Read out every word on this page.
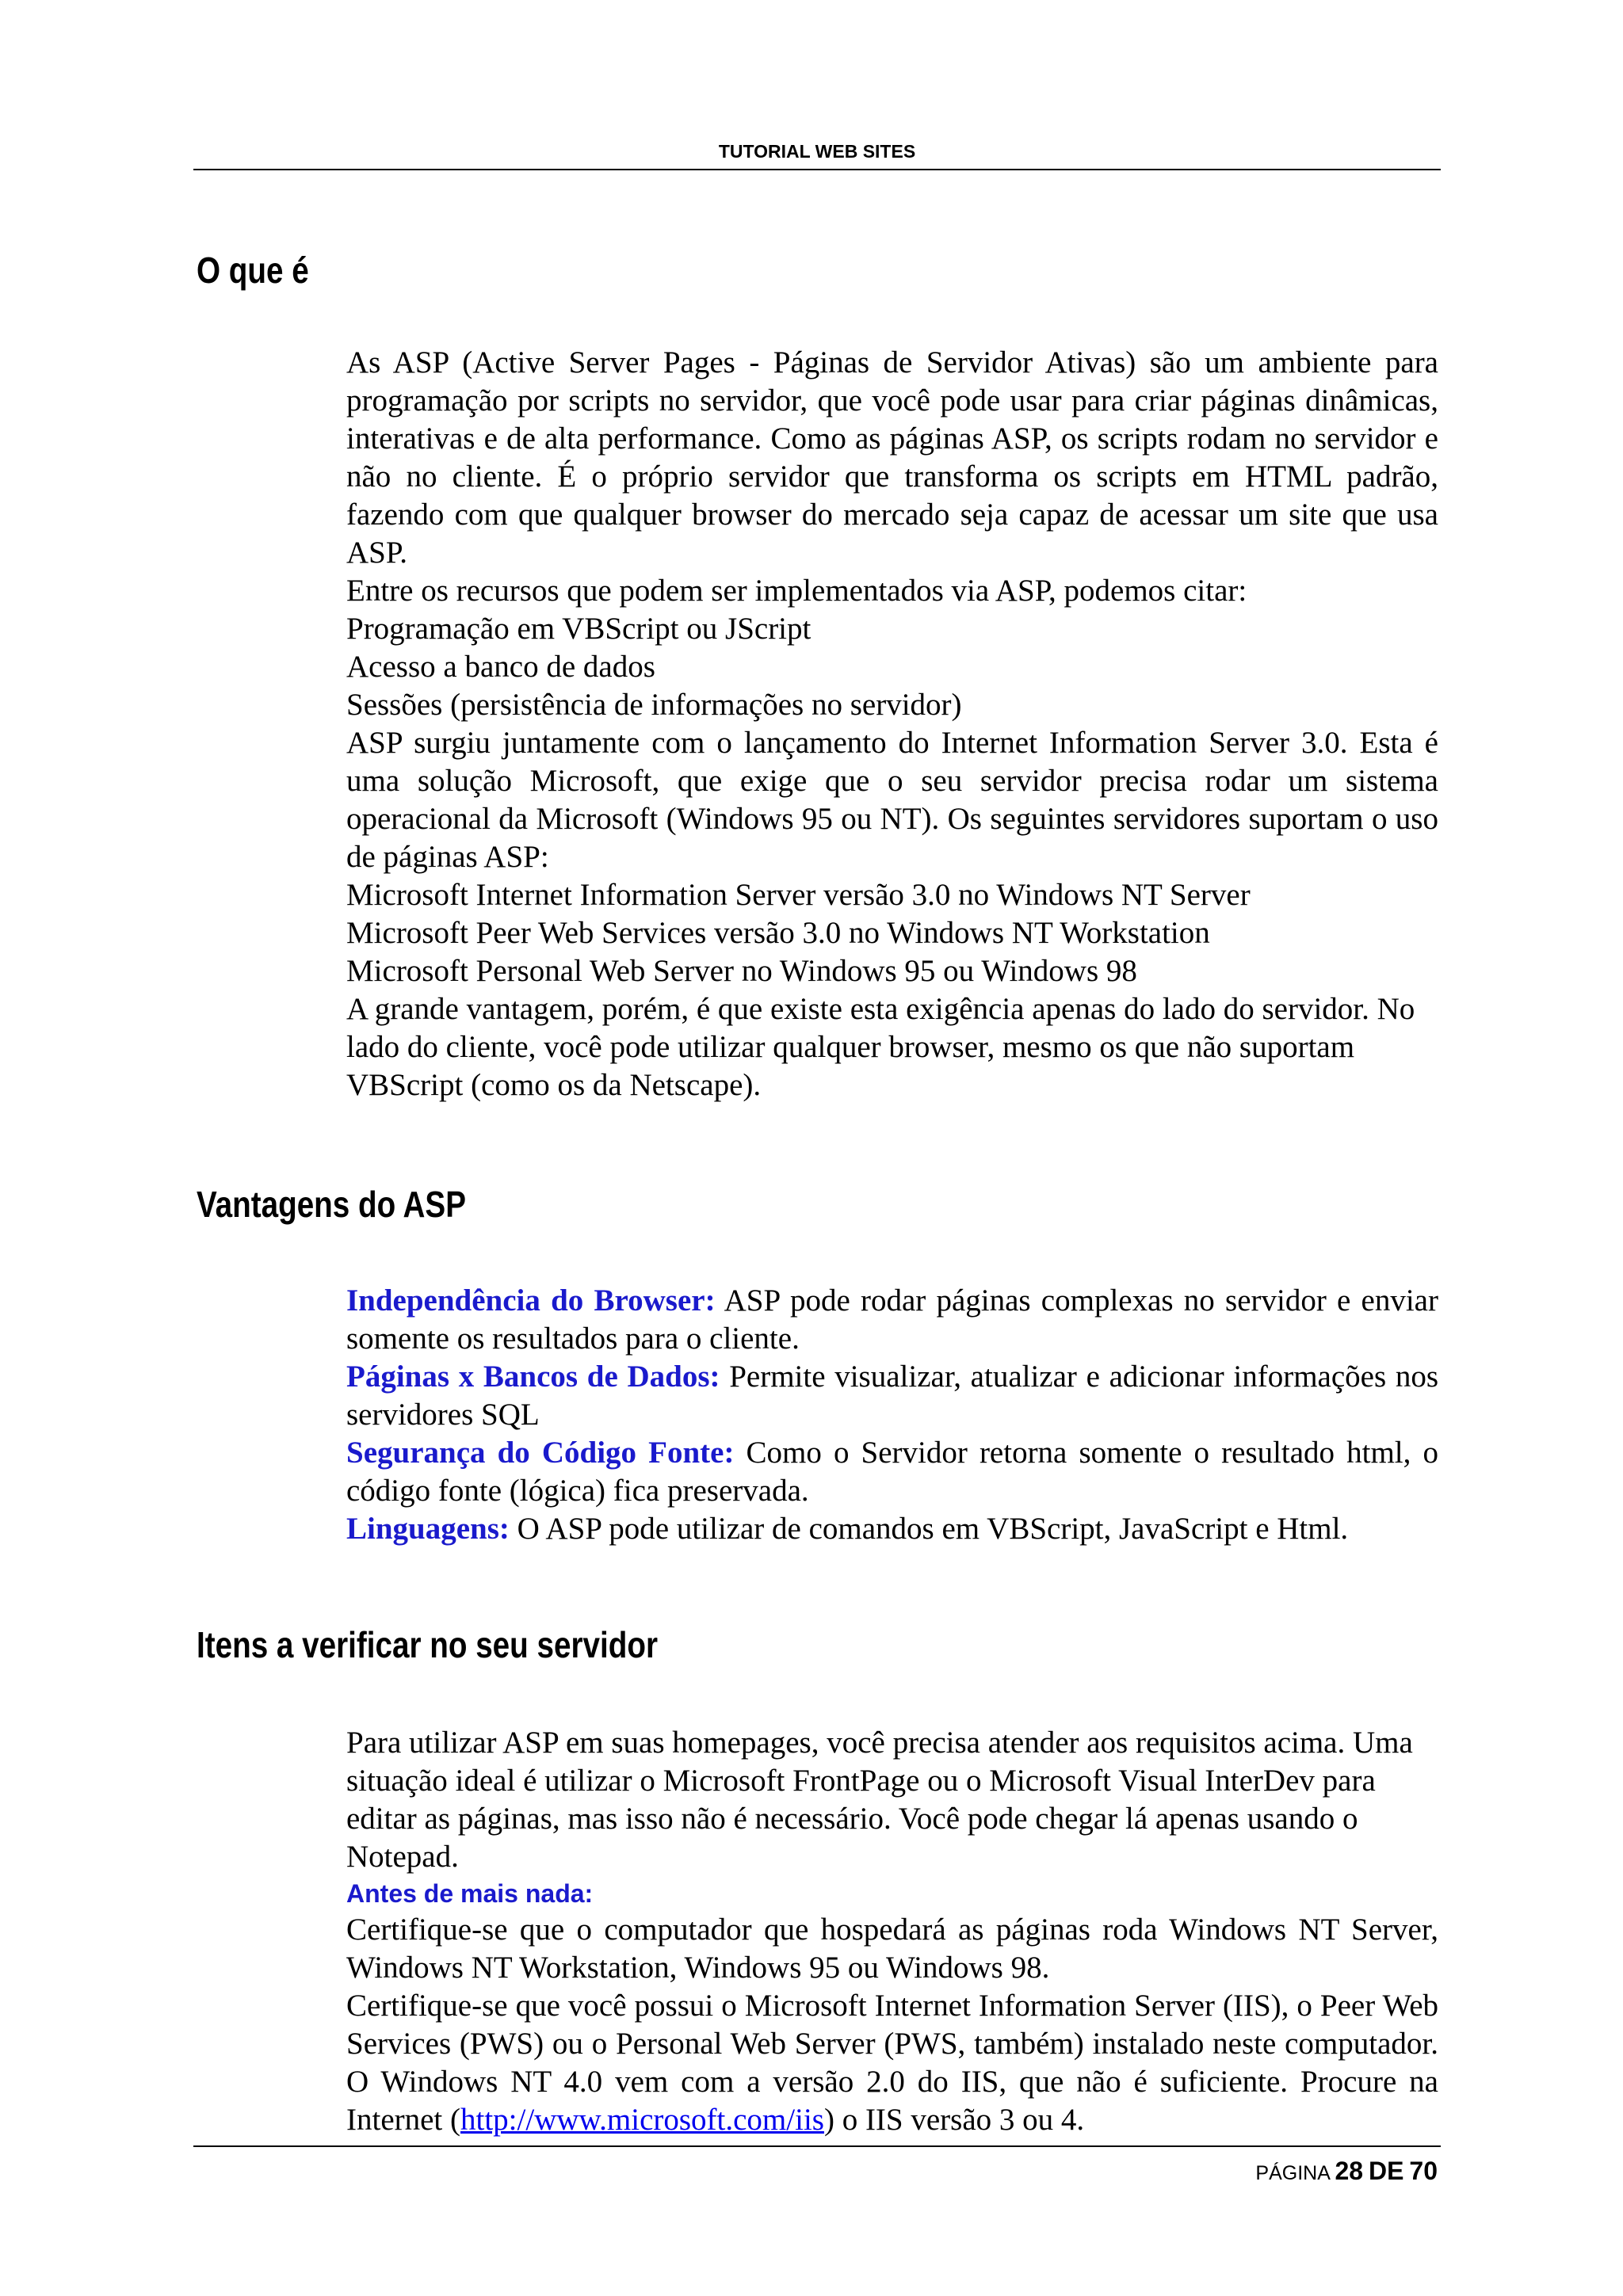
TUTORIAL WEB SITES
O que é

As ASP (Active Server Pages - Páginas de Servidor Ativas) são um ambiente para programação por scripts no servidor, que você pode usar para criar páginas dinâmicas, interativas e de alta performance. Como as páginas ASP, os scripts rodam no servidor e não no cliente. É o próprio servidor que transforma os scripts em HTML padrão, fazendo com que qualquer browser do mercado seja capaz de acessar um site que usa ASP.

Entre os recursos que podem ser implementados via ASP, podemos citar:

Programação em VBScript ou JScript

Acesso a banco de dados

Sessões (persistência de informações no servidor)

ASP surgiu juntamente com o lançamento do Internet Information Server 3.0. Esta é uma solução Microsoft, que exige que o seu servidor precisa rodar um sistema operacional da Microsoft (Windows 95 ou NT). Os seguintes servidores suportam o uso de páginas ASP:

Microsoft Internet Information Server versão 3.0 no Windows NT Server

Microsoft Peer Web Services versão 3.0 no Windows NT Workstation

Microsoft Personal Web Server no Windows 95 ou Windows 98

A grande vantagem, porém, é que existe esta exigência apenas do lado do servidor. No lado do cliente, você pode utilizar qualquer browser, mesmo os que não suportam VBScript (como os da Netscape).

Vantagens do ASP

Independência do Browser: ASP pode rodar páginas complexas no servidor e enviar somente os resultados para o cliente.

Páginas x Bancos de Dados: Permite visualizar, atualizar e adicionar informações nos servidores SQL

Segurança do Código Fonte: Como o Servidor retorna somente o resultado html, o código fonte (lógica) fica preservada.

Linguagens: O ASP pode utilizar de comandos em VBScript, JavaScript e Html.

Itens a verificar no seu servidor

Para utilizar ASP em suas homepages, você precisa atender aos requisitos acima. Uma situação ideal é utilizar o Microsoft FrontPage ou o Microsoft Visual InterDev para editar as páginas, mas isso não é necessário. Você pode chegar lá apenas usando o Notepad.

Antes de mais nada:

Certifique-se que o computador que hospedará as páginas roda Windows NT Server, Windows NT Workstation, Windows 95 ou Windows 98.

Certifique-se que você possui o Microsoft Internet Information Server (IIS), o Peer Web Services (PWS) ou o Personal Web Server (PWS, também) instalado neste computador. O Windows NT 4.0 vem com a versão 2.0 do IIS, que não é suficiente. Procure na Internet (http://www.microsoft.com/iis) o IIS versão 3 ou 4.

PÁGINA 28 DE 70
